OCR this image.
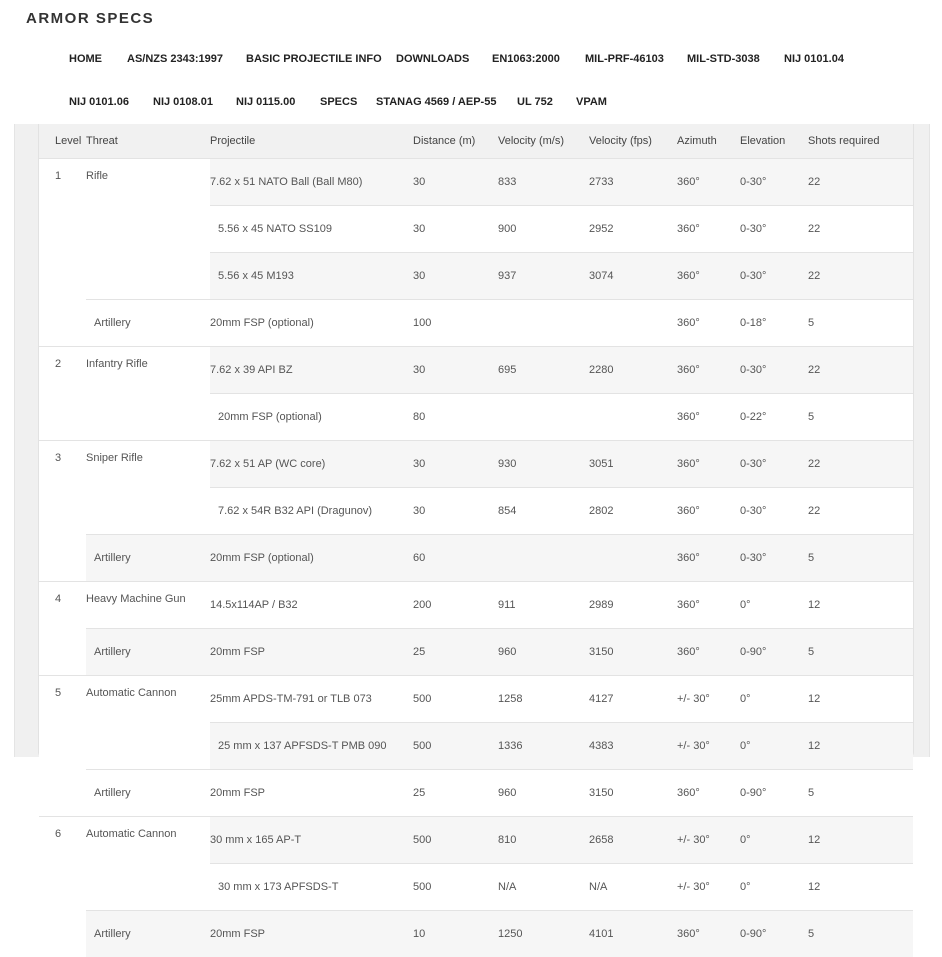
ARMOR SPECS
HOME AS/NZS 2343:1997 BASIC PROJECTILE INFO DOWNLOADS EN1063:2000 MIL-PRF-46103 MIL-STD-3038 NIJ 0101.04
NIJ 0101.06 NIJ 0108.01 NIJ 0115.00 SPECS STANAG 4569 / AEP-55 UL 752 VPAM
Level	Threat	Projectile	Distance (m)	Velocity (m/s)	Velocity (fps)	Azimuth	Elevation	Shots required
1	Rifle	7.62 x 51 NATO Ball (Ball M80)	30	833	2733	360°	0-30°	22
		5.56 x 45 NATO SS109	30	900	2952	360°	0-30°	22
		5.56 x 45 M193	30	937	3074	360°	0-30°	22
	Artillery	20mm FSP (optional)	100			360°	0-18°	5
2	Infantry Rifle	7.62 x 39 API BZ	30	695	2280	360°	0-30°	22
		20mm FSP (optional)	80			360°	0-22°	5
3	Sniper Rifle	7.62 x 51 AP (WC core)	30	930	3051	360°	0-30°	22
		7.62 x 54R B32 API (Dragunov)	30	854	2802	360°	0-30°	22
	Artillery	20mm FSP (optional)	60			360°	0-30°	5
4	Heavy Machine Gun	14.5x114AP / B32	200	911	2989	360°	0°	12
	Artillery	20mm FSP	25	960	3150	360°	0-90°	5
5	Automatic Cannon	25mm APDS-TM-791 or TLB 073	500	1258	4127	+/- 30°	0°	12
		25 mm x 137 APFSDS-T PMB 090	500	1336	4383	+/- 30°	0°	12
	Artillery	20mm FSP	25	960	3150	360°	0-90°	5
6	Automatic Cannon	30 mm x 165 AP-T	500	810	2658	+/- 30°	0°	12
		30 mm x 173 APFSDS-T	500	N/A	N/A	+/- 30°	0°	12
	Artillery	20mm FSP	10	1250	4101	360°	0-90°	5
